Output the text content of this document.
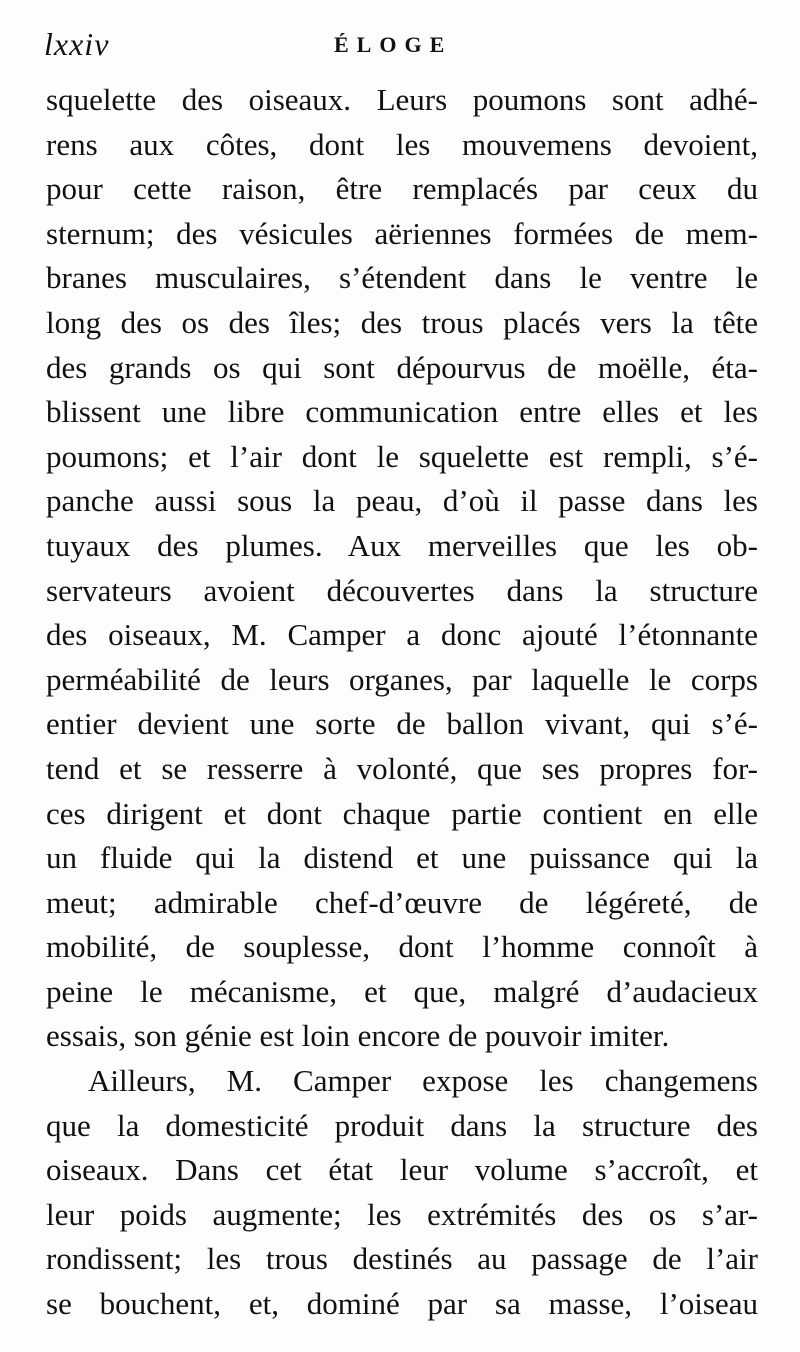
lxxiv	ÉLOGE
squelette des oiseaux. Leurs poumons sont adhé-
rens aux côtes, dont les mouvemens devoient,
pour cette raison, être remplacés par ceux du
sternum; des vésicules aëriennes formées de mem-
branes musculaires, s’étendent dans le ventre le
long des os des îles; des trous placés vers la tête
des grands os qui sont dépourvus de moëlle, éta-
blissent une libre communication entre elles et les
poumons; et l’air dont le squelette est rempli, s’é-
panche aussi sous la peau, d’où il passe dans les
tuyaux des plumes. Aux merveilles que les ob-
servateurs avoient découvertes dans la structure
des oiseaux, M. Camper a donc ajouté l’étonnante
perméabilité de leurs organes, par laquelle le corps
entier devient une sorte de ballon vivant, qui s’é-
tend et se resserre à volonté, que ses propres for-
ces dirigent et dont chaque partie contient en elle
un fluide qui la distend et une puissance qui la
meut; admirable chef-d’œuvre de légéreté, de
mobilité, de souplesse, dont l’homme connoît à
peine le mécanisme, et que, malgré d’audacieux
essais, son génie est loin encore de pouvoir imiter.
Ailleurs, M. Camper expose les changemens
que la domesticité produit dans la structure des
oiseaux. Dans cet état leur volume s’accroît, et
leur poids augmente; les extrémités des os s’ar-
rondissent; les trous destinés au passage de l’air
se bouchent, et, dominé par sa masse, l’oiseau
